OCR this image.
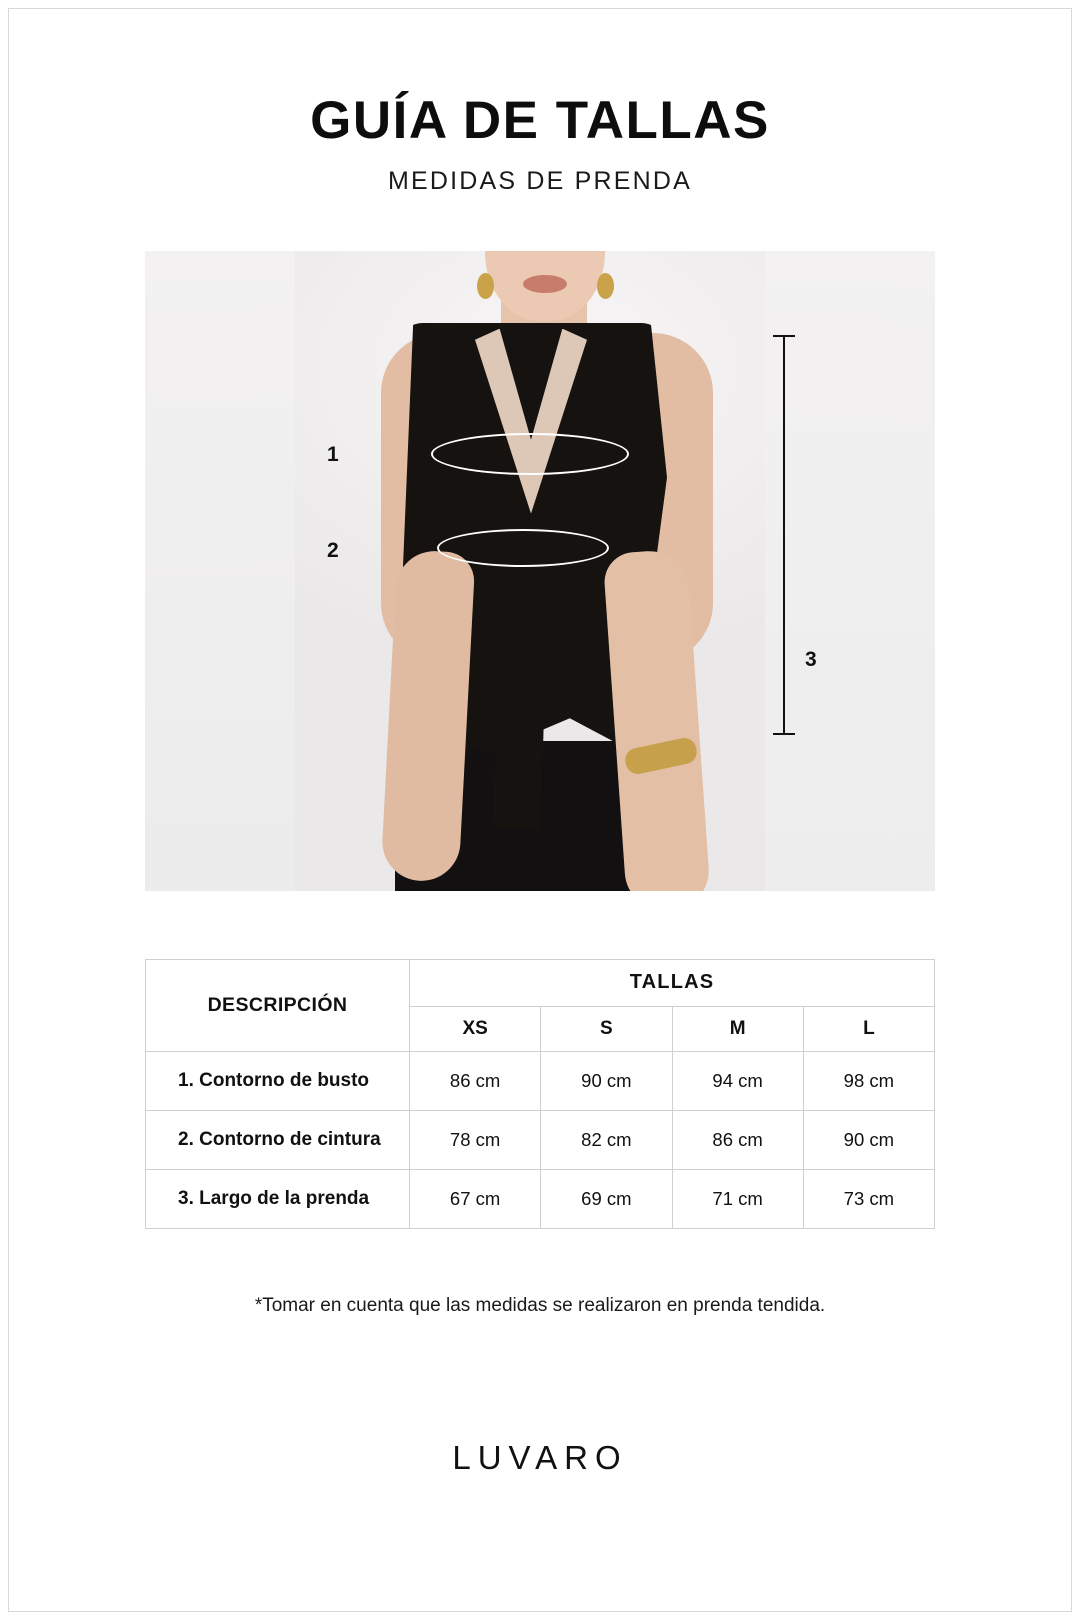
GUÍA DE TALLAS
MEDIDAS DE PRENDA
1
2
3
DESCRIPCIÓN	TALLAS			
	XS	S	M	L
1. Contorno de busto	86 cm	90 cm	94 cm	98 cm
2. Contorno de cintura	78 cm	82 cm	86 cm	90 cm
3. Largo de la prenda	67 cm	69 cm	71 cm	73 cm
*Tomar en cuenta que las medidas se realizaron en prenda tendida.
LUVARO
